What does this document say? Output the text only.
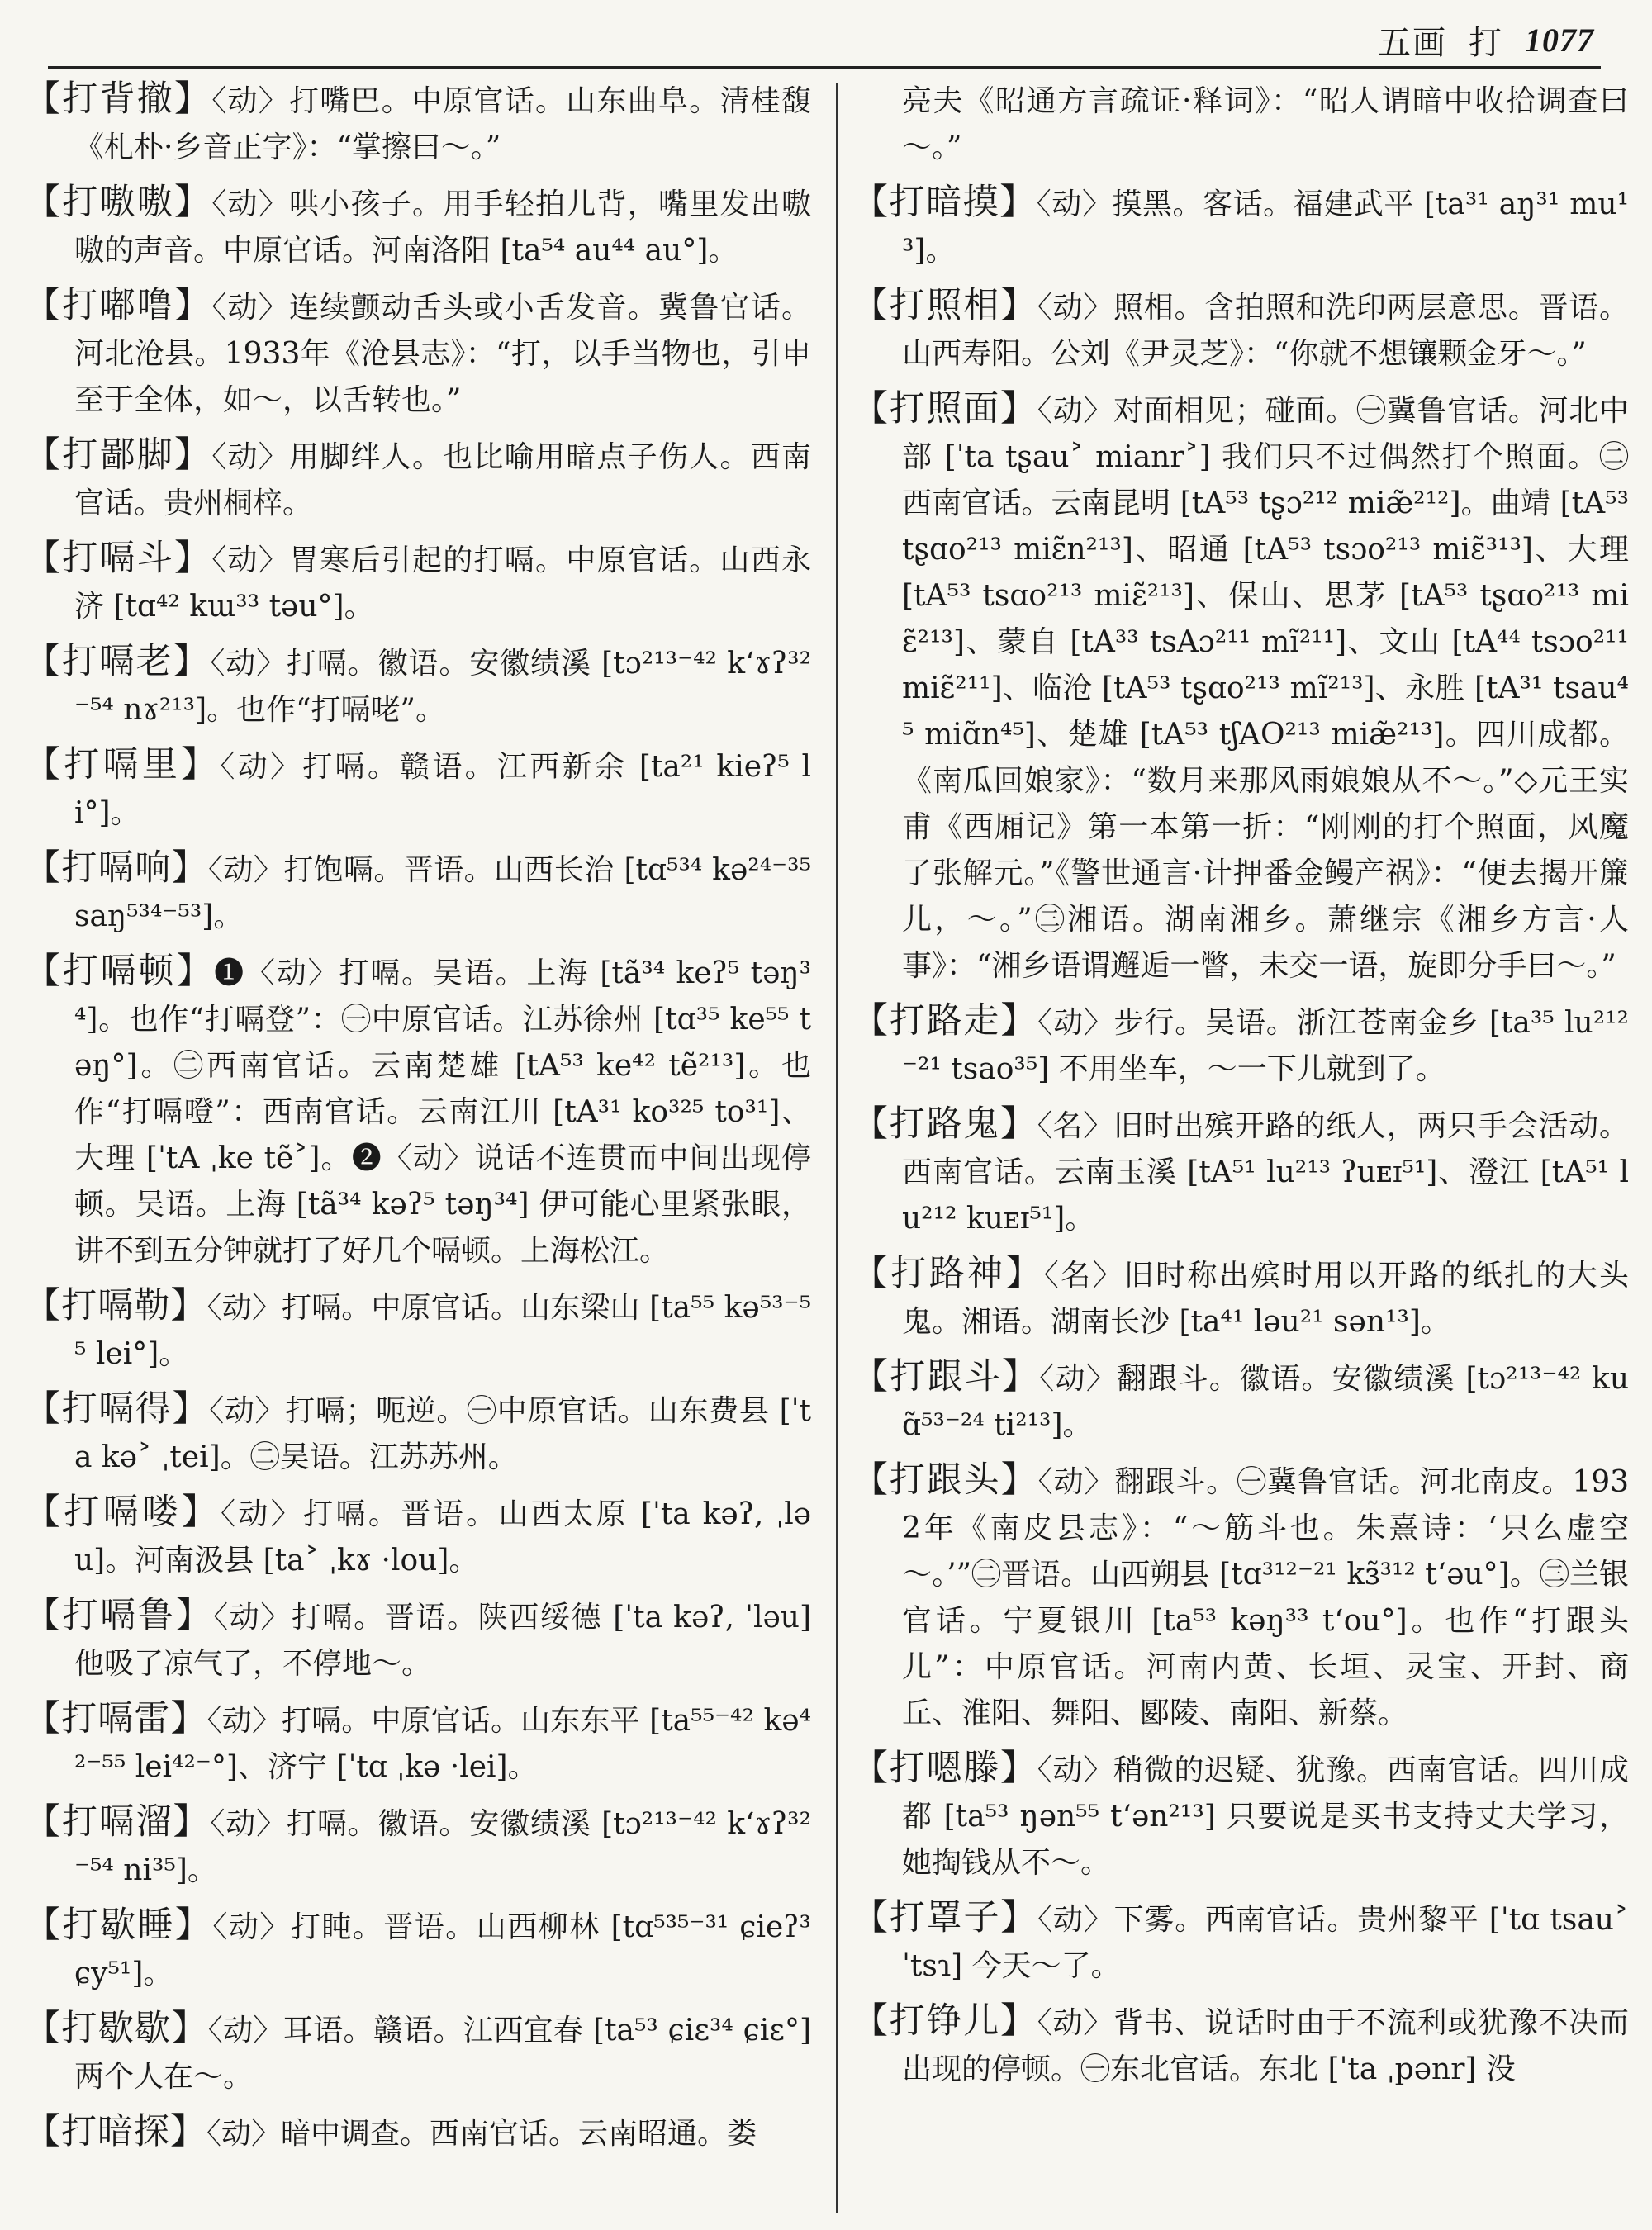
五画 打 1077

【打背撤】〈动〉打嘴巴。中原官话。山东曲阜。清桂馥《札朴·乡音正字》：“掌擦曰～。”

【打嗷嗷】〈动〉哄小孩子。用手轻拍儿背，嘴里发出嗷嗷的声音。中原官话。河南洛阳 [ta⁵⁴ au⁴⁴ au°]。

【打嘟噜】〈动〉连续颤动舌头或小舌发音。冀鲁官话。河北沧县。1933年《沧县志》：“打，以手当物也，引申至于全体，如～，以舌转也。”

【打鄙脚】〈动〉用脚绊人。也比喻用暗点子伤人。西南官话。贵州桐梓。

【打嗝斗】〈动〉胃寒后引起的打嗝。中原官话。山西永济 [tɑ⁴² kɯ³³ təu°]。

【打嗝老】〈动〉打嗝。徽语。安徽绩溪 [tɔ²¹³⁻⁴² kʻɤʔ³²⁻⁵⁴ nɤ²¹³]。也作“打嗝咾”。

【打嗝里】〈动〉打嗝。赣语。江西新余 [ta²¹ kieʔ⁵ li°]。

【打嗝响】〈动〉打饱嗝。晋语。山西长治 [tɑ⁵³⁴ kə²⁴⁻³⁵ saŋ⁵³⁴⁻⁵³]。

【打嗝顿】❶〈动〉打嗝。吴语。上海 [tã³⁴ keʔ⁵ təŋ³⁴]。也作“打嗝登”：㊀中原官话。江苏徐州 [tɑ³⁵ ke⁵⁵ təŋ°]。㊁西南官话。云南楚雄 [tA⁵³ ke⁴² tẽ²¹³]。也作“打嗝噔”：西南官话。云南江川 [tA³¹ ko³²⁵ to³¹]、大理 [ˈtA ˌke tẽ˃]。❷〈动〉说话不连贯而中间出现停顿。吴语。上海 [tã³⁴ kəʔ⁵ təŋ³⁴] 伊可能心里紧张眼，讲不到五分钟就打了好几个嗝顿。上海松江。

【打嗝勒】〈动〉打嗝。中原官话。山东梁山 [ta⁵⁵ kə⁵³⁻⁵⁵ lei°]。

【打嗝得】〈动〉打嗝；呃逆。㊀中原官话。山东费县 [ˈta kə˃ ˌtei]。㊁吴语。江苏苏州。

【打嗝喽】〈动〉打嗝。晋语。山西太原 [ˈta kəʔ, ˌləu]。河南汲县 [ta˃ ˌkɤ ·lou]。

【打嗝鲁】〈动〉打嗝。晋语。陕西绥德 [ˈta kəʔ, ˈləu] 他吸了凉气了，不停地～。

【打嗝雷】〈动〉打嗝。中原官话。山东东平 [ta⁵⁵⁻⁴² kə⁴²⁻⁵⁵ lei⁴²⁻°]、济宁 [ˈtɑ ˌkə ·lei]。

【打嗝溜】〈动〉打嗝。徽语。安徽绩溪 [tɔ²¹³⁻⁴² kʻɤʔ³²⁻⁵⁴ ni³⁵]。

【打歇睡】〈动〉打盹。晋语。山西柳林 [tɑ⁵³⁵⁻³¹ ɕieʔ³ ɕy⁵¹]。

【打歇歇】〈动〉耳语。赣语。江西宜春 [ta⁵³ ɕiɛ³⁴ ɕiɛ°] 两个人在～。

【打暗探】〈动〉暗中调查。西南官话。云南昭通。娄

亮夫《昭通方言疏证·释词》：“昭人谓暗中收拾调查曰～。”

【打暗摸】〈动〉摸黑。客话。福建武平 [ta³¹ aŋ³¹ mu¹³]。

【打照相】〈动〉照相。含拍照和洗印两层意思。晋语。山西寿阳。公刘《尹灵芝》：“你就不想镶颗金牙～。”

【打照面】〈动〉对面相见；碰面。㊀冀鲁官话。河北中部 [ˈta tʂau˃ mianr˃] 我们只不过偶然打个照面。㊁西南官话。云南昆明 [tA⁵³ tʂɔ²¹² miæ̃²¹²]。曲靖 [tA⁵³ tʂɑo²¹³ miɛ̃n²¹³]、昭通 [tA⁵³ tsɔo²¹³ miɛ̃³¹³]、大理 [tA⁵³ tsɑo²¹³ miɛ̃²¹³]、保山、思茅 [tA⁵³ tʂɑo²¹³ miɛ̃²¹³]、蒙自 [tA³³ tsAɔ²¹¹ mĩ²¹¹]、文山 [tA⁴⁴ tsɔo²¹¹ miɛ̃²¹¹]、临沧 [tA⁵³ tʂɑo²¹³ mĩ²¹³]、永胜 [tA³¹ tsau⁴⁵ miɑ̃n⁴⁵]、楚雄 [tA⁵³ tʃAO²¹³ miæ̃²¹³]。四川成都。《南瓜回娘家》：“数月来那风雨娘娘从不～。”◇元王实甫《西厢记》第一本第一折：“刚刚的打个照面，风魔了张解元。”《警世通言·计押番金鳗产祸》：“便去揭开簾儿，～。”㊂湘语。湖南湘乡。萧继宗《湘乡方言·人事》：“湘乡语谓邂逅一瞥，未交一语，旋即分手曰～。”

【打路走】〈动〉步行。吴语。浙江苍南金乡 [ta³⁵ lu²¹²⁻²¹ tsao³⁵] 不用坐车，～一下儿就到了。

【打路鬼】〈名〉旧时出殡开路的纸人，两只手会活动。西南官话。云南玉溪 [tA⁵¹ lu²¹³ ʔuᴇɪ⁵¹]、澄江 [tA⁵¹ lu²¹² kuᴇɪ⁵¹]。

【打路神】〈名〉旧时称出殡时用以开路的纸扎的大头鬼。湘语。湖南长沙 [ta⁴¹ ləu²¹ sən¹³]。

【打跟斗】〈动〉翻跟斗。徽语。安徽绩溪 [tɔ²¹³⁻⁴² kuɑ̃⁵³⁻²⁴ ti²¹³]。

【打跟头】〈动〉翻跟斗。㊀冀鲁官话。河北南皮。1932年《南皮县志》：“～筋斗也。朱熹诗：‘只么虚空～。’”㊁晋语。山西朔县 [tɑ³¹²⁻²¹ kɜ̃³¹² tʻəu°]。㊂兰银官话。宁夏银川 [ta⁵³ kəŋ³³ tʻou°]。也作“打跟头儿”：中原官话。河南内黄、长垣、灵宝、开封、商丘、淮阳、舞阳、郾陵、南阳、新蔡。

【打嗯滕】〈动〉稍微的迟疑、犹豫。西南官话。四川成都 [ta⁵³ ŋən⁵⁵ tʻən²¹³] 只要说是买书支持丈夫学习，她掏钱从不～。

【打罩子】〈动〉下雾。西南官话。贵州黎平 [ˈtɑ tsau˃ ˈtsɿ] 今天～了。

【打铮儿】〈动〉背书、说话时由于不流利或犹豫不决而出现的停顿。㊀东北官话。东北 [ˈta ˌpənr] 没
